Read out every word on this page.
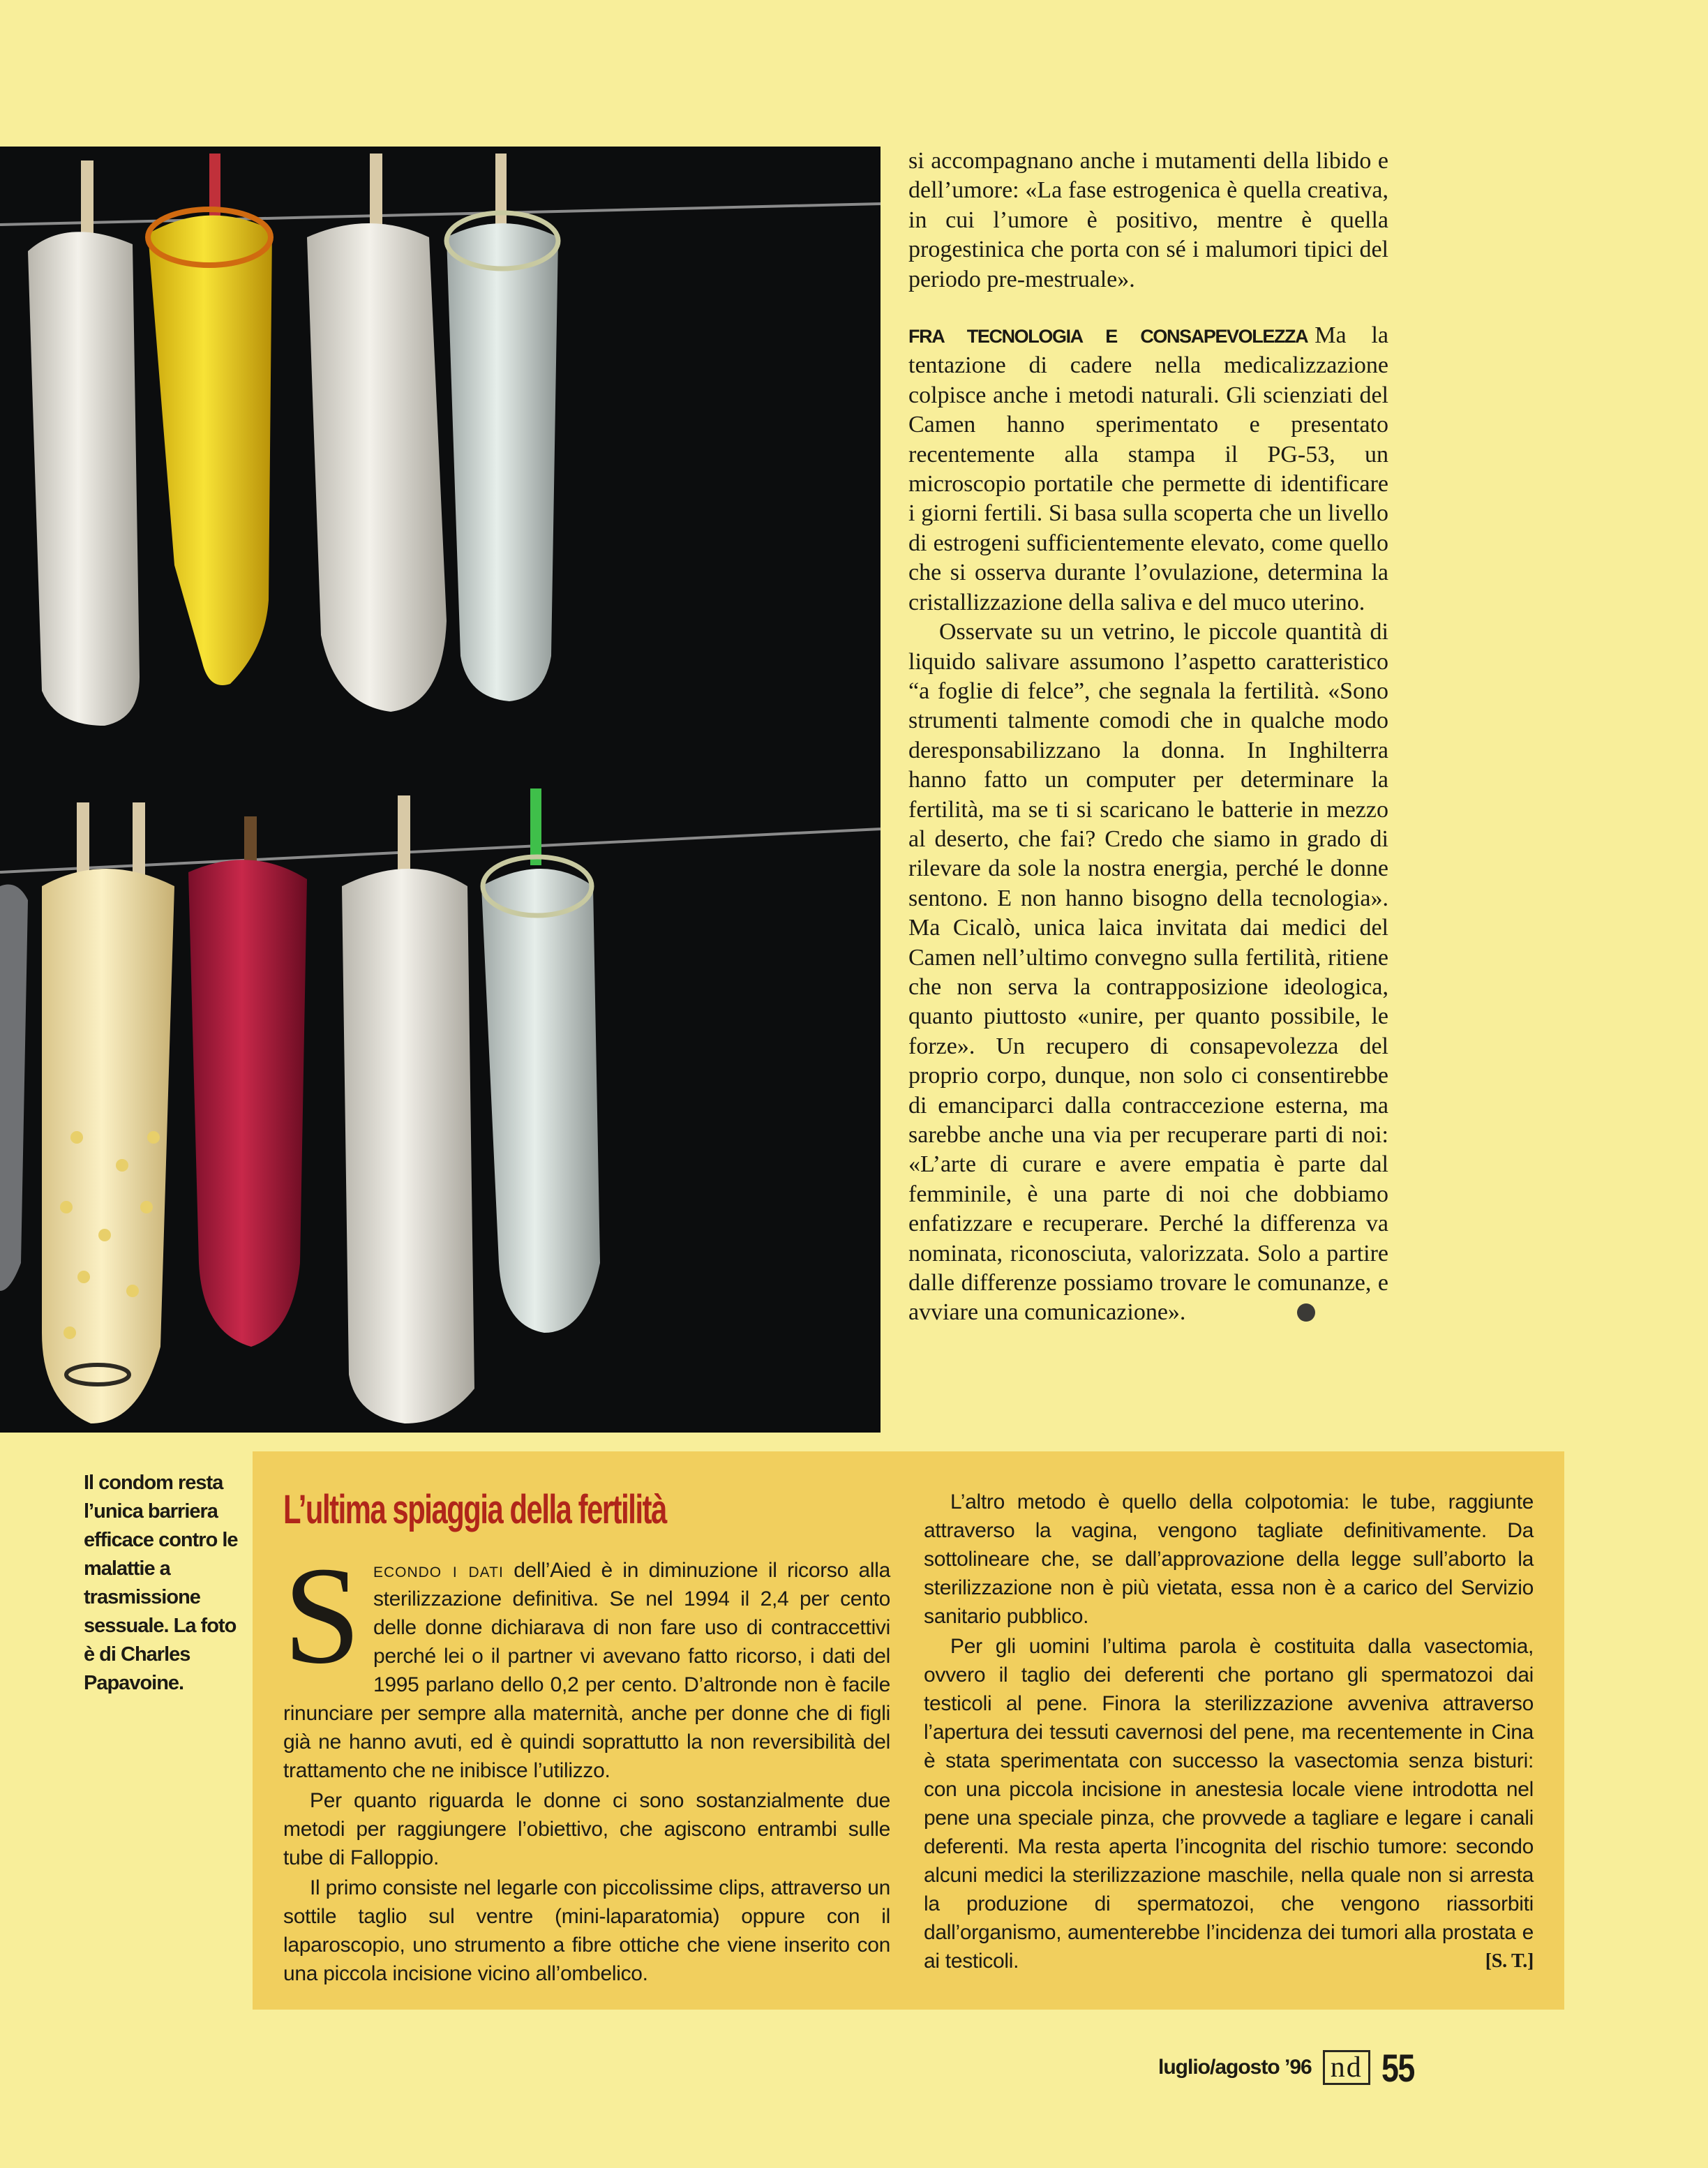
si accompagnano anche i mutamenti della libido e dell’umore: «La fase estrogenica è quella creativa, in cui l’umore è positivo, mentre è quella progestinica che porta con sé i malumori tipici del periodo pre-mestruale».

FRA TECNOLOGIA E CONSAPEVOLEZZA Ma la tentazione di cadere nella medicalizzazione colpisce anche i metodi naturali. Gli scienziati del Camen hanno sperimentato e presentato recentemente alla stampa il PG-53, un microscopio portatile che permette di identificare i giorni fertili. Si basa sulla scoperta che un livello di estrogeni sufficientemente elevato, come quello che si osserva durante l’ovulazione, determina la cristallizzazione della saliva e del muco uterino.

Osservate su un vetrino, le piccole quantità di liquido salivare assumono l’aspetto caratteristico “a foglie di felce”, che segnala la fertilità. «Sono strumenti talmente comodi che in qualche modo deresponsabilizzano la donna. In Inghilterra hanno fatto un computer per determinare la fertilità, ma se ti si scaricano le batterie in mezzo al deserto, che fai? Credo che siamo in grado di rilevare da sole la nostra energia, perché le donne sentono. E non hanno bisogno della tecnologia». Ma Cicalò, unica laica invitata dai medici del Camen nell’ultimo convegno sulla fertilità, ritiene che non serva la contrapposizione ideologica, quanto piuttosto «unire, per quanto possibile, le forze». Un recupero di consapevolezza del proprio corpo, dunque, non solo ci consentirebbe di emanciparci dalla contraccezione esterna, ma sarebbe anche una via per recuperare parti di noi: «L’arte di curare e avere empatia è parte dal femminile, è una parte di noi che dobbiamo enfatizzare e recuperare. Perché la differenza va nominata, riconosciuta, valorizzata. Solo a partire dalle differenze possiamo trovare le comunanze, e avviare una comunicazione».

Il condom resta l’unica barriera efficace contro le malattie a trasmissione sessuale. La foto è di Charles Papavoine.
L’ultima spiaggia della fertilità

Secondo i dati dell’Aied è in diminuzione il ricorso alla sterilizzazione definitiva. Se nel 1994 il 2,4 per cento delle donne dichiarava di non fare uso di contraccettivi perché lei o il partner vi avevano fatto ricorso, i dati del 1995 parlano dello 0,2 per cento. D’altronde non è facile rinunciare per sempre alla maternità, anche per donne che di figli già ne hanno avuti, ed è quindi soprattutto la non reversibilità del trattamento che ne inibisce l’utilizzo.

Per quanto riguarda le donne ci sono sostanzialmente due metodi per raggiungere l’obiettivo, che agiscono entrambi sulle tube di Falloppio.

Il primo consiste nel legarle con piccolissime clips, attraverso un sottile taglio sul ventre (mini-laparatomia) oppure con il laparoscopio, uno strumento a fibre ottiche che viene inserito con una piccola incisione vicino all’ombelico.

L’altro metodo è quello della colpotomia: le tube, raggiunte attraverso la vagina, vengono tagliate definitivamente. Da sottolineare che, se dall’approvazione della legge sull’aborto la sterilizzazione non è più vietata, essa non è a carico del Servizio sanitario pubblico.

Per gli uomini l’ultima parola è costituita dalla vasectomia, ovvero il taglio dei deferenti che portano gli spermatozoi dai testicoli al pene. Finora la sterilizzazione avveniva attraverso l’apertura dei tessuti cavernosi del pene, ma recentemente in Cina è stata sperimentata con successo la vasectomia senza bisturi: con una piccola incisione in anestesia locale viene introdotta nel pene una speciale pinza, che provvede a tagliare e legare i canali deferenti. Ma resta aperta l’incognita del rischio tumore: secondo alcuni medici la sterilizzazione maschile, nella quale non si arresta la produzione di spermatozoi, che vengono riassorbiti dall’organismo, aumenterebbe l’incidenza dei tumori alla prostata e ai testicoli.	[S. T.]

luglio/agosto ’96 nd 55
